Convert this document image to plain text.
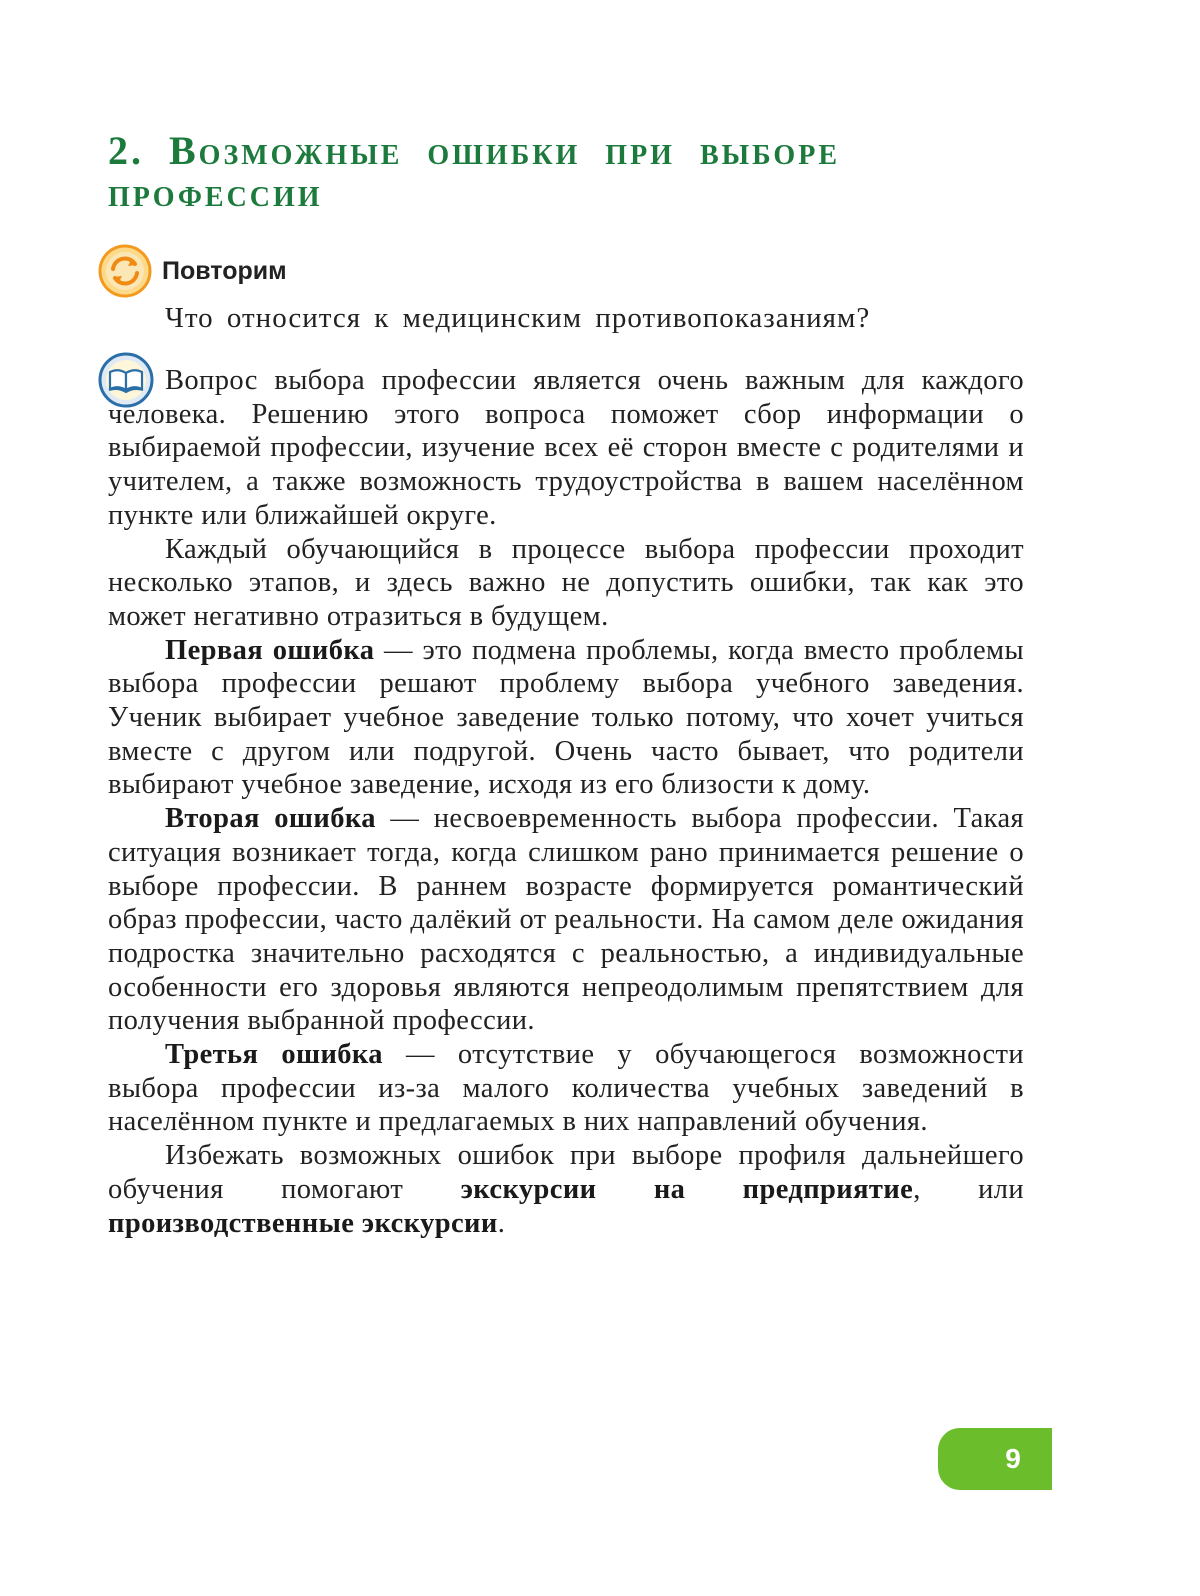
2. Возможные ошибки при выборе профессии
Повторим

Что относится к медицинским противопоказаниям?

Вопрос выбора профессии является очень важным для каждого человека. Решению этого вопроса поможет сбор информации о выбираемой профессии, изучение всех её сторон вместе с родителями и учителем, а также возможность трудоустройства в вашем населённом пункте или ближайшей округе.

Каждый обучающийся в процессе выбора профессии проходит несколько этапов, и здесь важно не допустить ошибки, так как это может негативно отразиться в будущем.

Первая ошибка — это подмена проблемы, когда вместо проблемы выбора профессии решают проблему выбора учебного заведения. Ученик выбирает учебное заведение только потому, что хочет учиться вместе с другом или подругой. Очень часто бывает, что родители выбирают учебное заведение, исходя из его близости к дому.

Вторая ошибка — несвоевременность выбора профессии. Такая ситуация возникает тогда, когда слишком рано принимается решение о выборе профессии. В раннем возрасте формируется романтический образ профессии, часто далёкий от реальности. На самом деле ожидания подростка значительно расходятся с реальностью, а индивидуальные особенности его здоровья являются непреодолимым препятствием для получения выбранной профессии.

Третья ошибка — отсутствие у обучающегося возможности выбора профессии из-за малого количества учебных заведений в населённом пункте и предлагаемых в них направлений обучения.

Избежать возможных ошибок при выборе профиля дальнейшего обучения помогают экскурсии на предприятие, или производственные экскурсии.

9
